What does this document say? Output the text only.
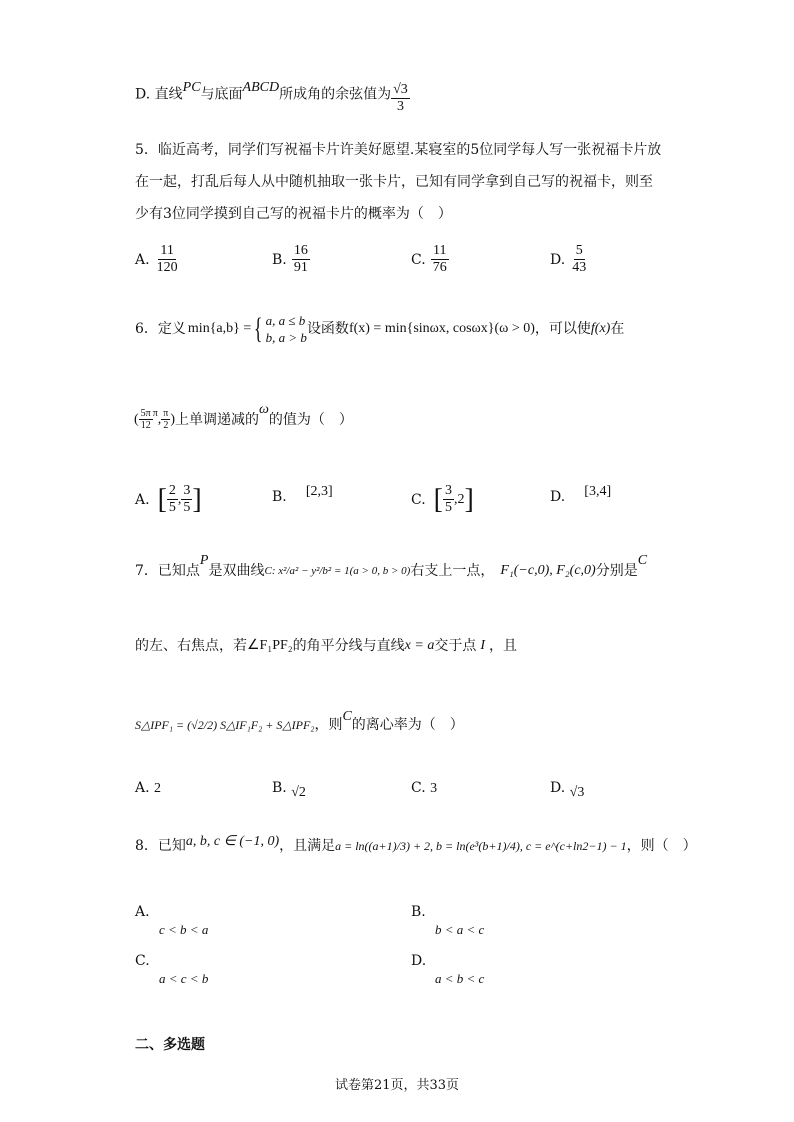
D. 直线PC与底面ABCD所成角的余弦值为 $\frac{√3}{3}$
5．临近高考，同学们写祝福卡片许美好愿望.某寝室的5位同学每人写一张祝福卡片放
在一起，打乱后每人从中随机抽取一张卡片，已知有同学拿到自己写的祝福卡，则至
少有3位同学摸到自己写的祝福卡片的概率为（　）
A. $\frac{11}{120}$	B. $\frac{16}{91}$	C. $\frac{11}{76}$	D. $\frac{5}{43}$
6．定义 min{a,b} = { a, a ≤ b
b, a > b
设函数 f(x) = min{sinωx, cosωx}(ω > 0) ，可以使 f(x) 在
( $\frac{5\pi}{12}$ π , $\frac{\pi}{2}$ ) 上单调递减的
ω
的值为（　）
A. [ $\frac{2}{5}$ , $\frac{3}{5}$ ]	B. [2,3]	C. [ $\frac{3}{5} ,2$ ]	D. [3,4]
7．已知点
P
是双曲线 C: x²/a² − y²/b² = 1(a > 0, b > 0) 右支上一点， F₁(−c,0), F₂(c,0) 分别是
C
的左、右焦点，若 ∠F₁PF₂ 的角平分线与直线 x = a 交于点 I ，且
S△IPF₁ = (√2/2) S△IF₁F₂ + S△IPF₂ ，则
C
的离心率为（　）
A. 2	B. √2	C. 3	D. √3
8．已知 a, b, c ∈ (−1, 0) ，且满足 a = ln((a+1)/3) + 2, b = ln(e³(b+1)/4), c = e^(c+ln2−1) − 1 ，则（　）
A.
c < b < a
B.
b < a < c
C.
a < c < b
D.
a < b < c
二、多选题
试卷第21页，共33页
